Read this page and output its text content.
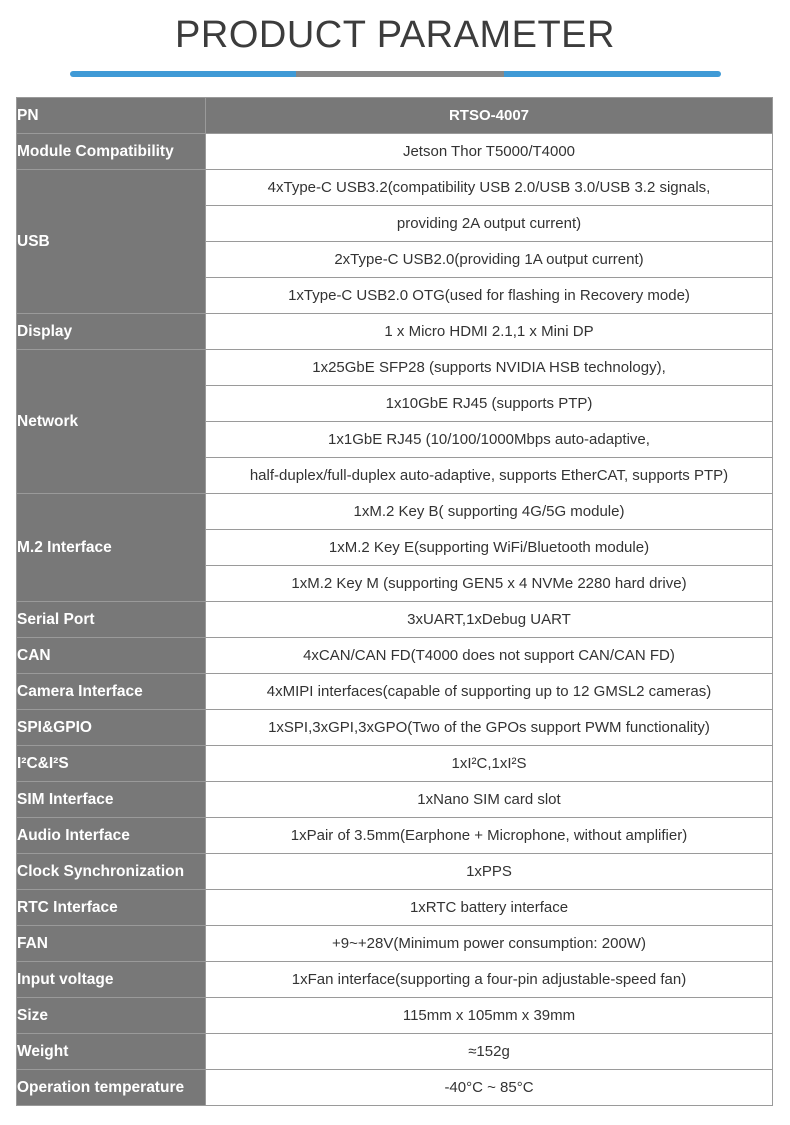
PRODUCT PARAMETER
PN	RTSO-4007
Module Compatibility	Jetson Thor T5000/T4000
USB	4xType-C USB3.2(compatibility USB 2.0/USB 3.0/USB 3.2 signals,
	providing 2A output current)
	2xType-C USB2.0(providing 1A output current)
	1xType-C USB2.0 OTG(used for flashing in Recovery mode)
Display	1 x Micro HDMI 2.1,1 x Mini DP
Network	1x25GbE SFP28 (supports NVIDIA HSB technology),
	1x10GbE RJ45 (supports PTP)
	1x1GbE RJ45 (10/100/1000Mbps auto-adaptive,
	half-duplex/full-duplex auto-adaptive, supports EtherCAT, supports PTP)
M.2 Interface	1xM.2 Key B( supporting 4G/5G module)
	1xM.2 Key E(supporting WiFi/Bluetooth module)
	1xM.2 Key M (supporting GEN5 x 4 NVMe 2280 hard drive)
Serial Port	3xUART,1xDebug UART
CAN	4xCAN/CAN FD(T4000 does not support CAN/CAN FD)
Camera Interface	4xMIPI interfaces(capable of supporting up to 12 GMSL2 cameras)
SPI&GPIO	1xSPI,3xGPI,3xGPO(Two of the GPOs support PWM functionality)
I²C&I²S	1xI²C,1xI²S
SIM Interface	1xNano SIM card slot
Audio Interface	1xPair of 3.5mm(Earphone + Microphone, without amplifier)
Clock Synchronization	1xPPS
RTC Interface	1xRTC battery interface
FAN	+9~+28V(Minimum power consumption: 200W)
Input voltage	1xFan interface(supporting a four-pin adjustable-speed fan)
Size	115mm x 105mm x 39mm
Weight	≈152g
Operation temperature	-40°C ~ 85°C
